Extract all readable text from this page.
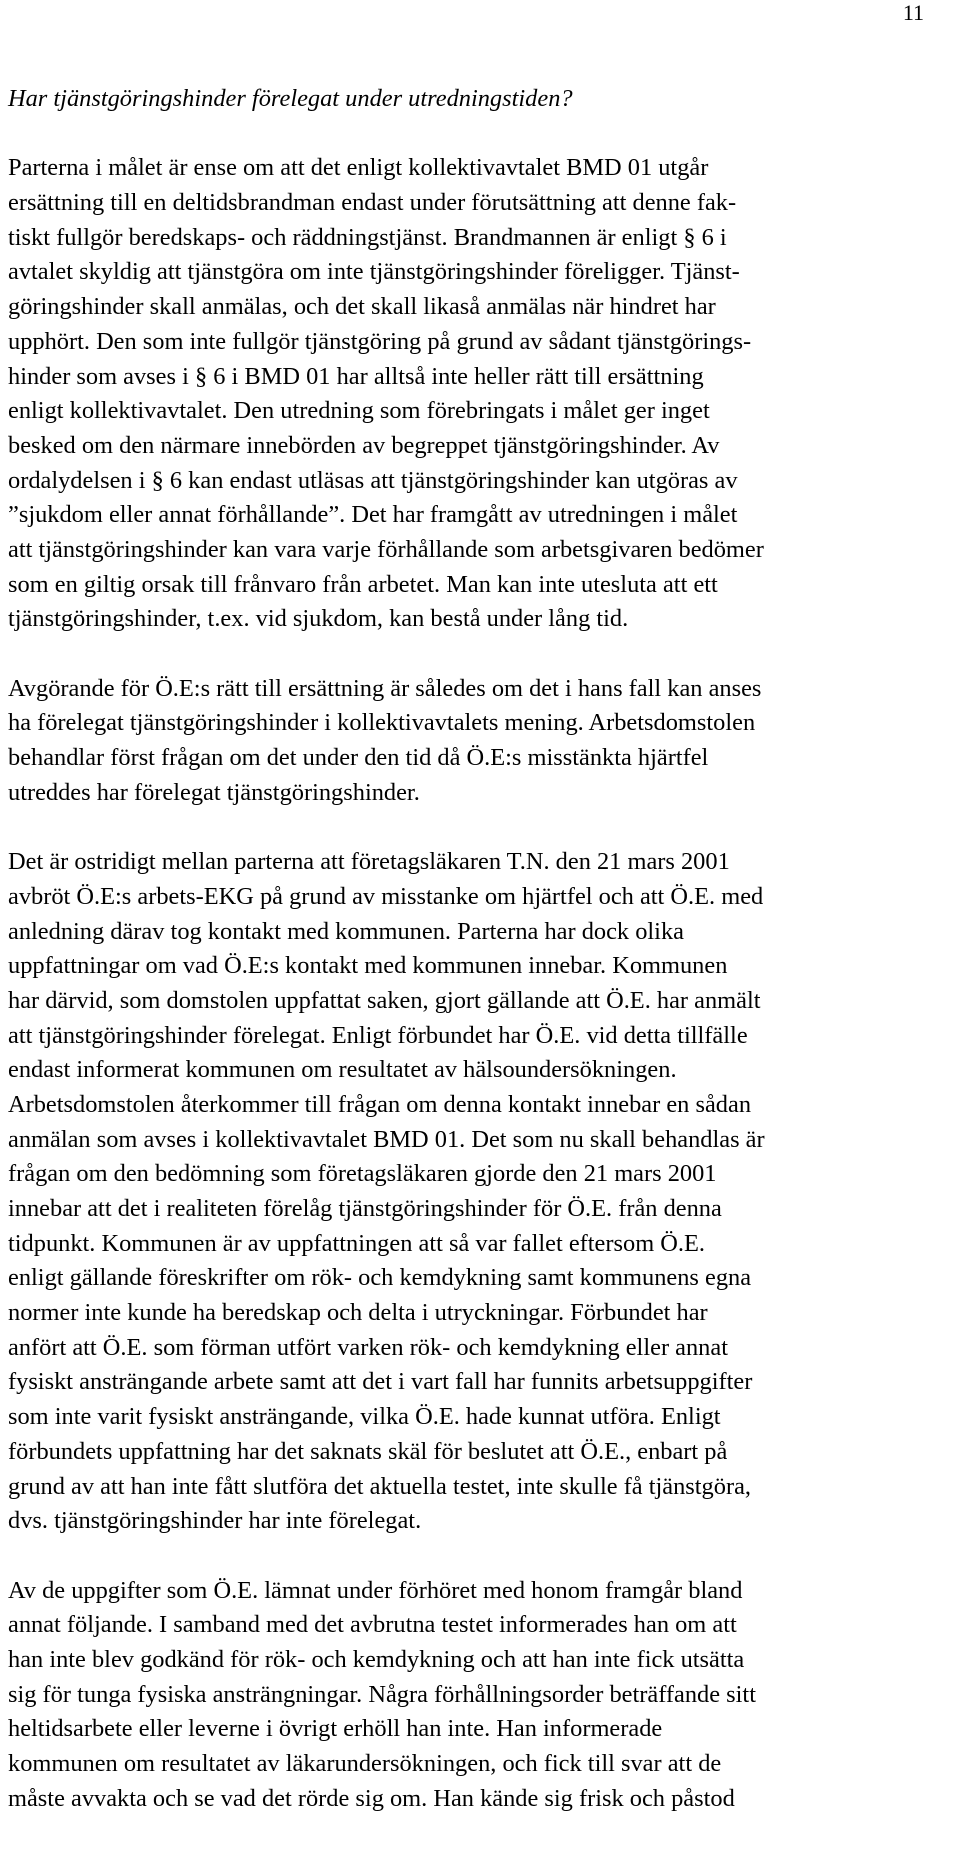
11
Har tjänstgöringshinder förelegat under utredningstiden?
Parterna i målet är ense om att det enligt kollektivavtalet BMD 01 utgår
ersättning till en deltidsbrandman endast under förutsättning att denne fak-
tiskt fullgör beredskaps- och räddningstjänst. Brandmannen är enligt § 6 i
avtalet skyldig att tjänstgöra om inte tjänstgöringshinder föreligger. Tjänst-
göringshinder skall anmälas, och det skall likaså anmälas när hindret har
upphört. Den som inte fullgör tjänstgöring på grund av sådant tjänstgörings-
hinder som avses i § 6 i BMD 01 har alltså inte heller rätt till ersättning
enligt kollektivavtalet. Den utredning som förebringats i målet ger inget
besked om den närmare innebörden av begreppet tjänstgöringshinder. Av
ordalydelsen i § 6 kan endast utläsas att tjänstgöringshinder kan utgöras av
”sjukdom eller annat förhållande”. Det har framgått av utredningen i målet
att tjänstgöringshinder kan vara varje förhållande som arbetsgivaren bedömer
som en giltig orsak till frånvaro från arbetet. Man kan inte utesluta att ett
tjänstgöringshinder, t.ex. vid sjukdom, kan bestå under lång tid.
Avgörande för Ö.E:s rätt till ersättning är således om det i hans fall kan anses
ha förelegat tjänstgöringshinder i kollektivavtalets mening. Arbetsdomstolen
behandlar först frågan om det under den tid då Ö.E:s misstänkta hjärtfel
utreddes har förelegat tjänstgöringshinder.
Det är ostridigt mellan parterna att företagsläkaren T.N. den 21 mars 2001
avbröt Ö.E:s arbets-EKG på grund av misstanke om hjärtfel och att Ö.E. med
anledning därav tog kontakt med kommunen. Parterna har dock olika
uppfattningar om vad Ö.E:s kontakt med kommunen innebar. Kommunen
har därvid, som domstolen uppfattat saken, gjort gällande att Ö.E. har anmält
att tjänstgöringshinder förelegat. Enligt förbundet har Ö.E. vid detta tillfälle
endast informerat kommunen om resultatet av hälsoundersökningen.
Arbetsdomstolen återkommer till frågan om denna kontakt innebar en sådan
anmälan som avses i kollektivavtalet BMD 01. Det som nu skall behandlas är
frågan om den bedömning som företagsläkaren gjorde den 21 mars 2001
innebar att det i realiteten förelåg tjänstgöringshinder för Ö.E. från denna
tidpunkt. Kommunen är av uppfattningen att så var fallet eftersom Ö.E.
enligt gällande föreskrifter om rök- och kemdykning samt kommunens egna
normer inte kunde ha beredskap och delta i utryckningar. Förbundet har
anfört att Ö.E. som förman utfört varken rök- och kemdykning eller annat
fysiskt ansträngande arbete samt att det i vart fall har funnits arbetsuppgifter
som inte varit fysiskt ansträngande, vilka Ö.E. hade kunnat utföra. Enligt
förbundets uppfattning har det saknats skäl för beslutet att Ö.E., enbart på
grund av att han inte fått slutföra det aktuella testet, inte skulle få tjänstgöra,
dvs. tjänstgöringshinder har inte förelegat.
Av de uppgifter som Ö.E. lämnat under förhöret med honom framgår bland
annat följande. I samband med det avbrutna testet informerades han om att
han inte blev godkänd för rök- och kemdykning och att han inte fick utsätta
sig för tunga fysiska ansträngningar. Några förhållningsorder beträffande sitt
heltidsarbete eller leverne i övrigt erhöll han inte. Han informerade
kommunen om resultatet av läkarundersökningen, och fick till svar att de
måste avvakta och se vad det rörde sig om. Han kände sig frisk och påstod
